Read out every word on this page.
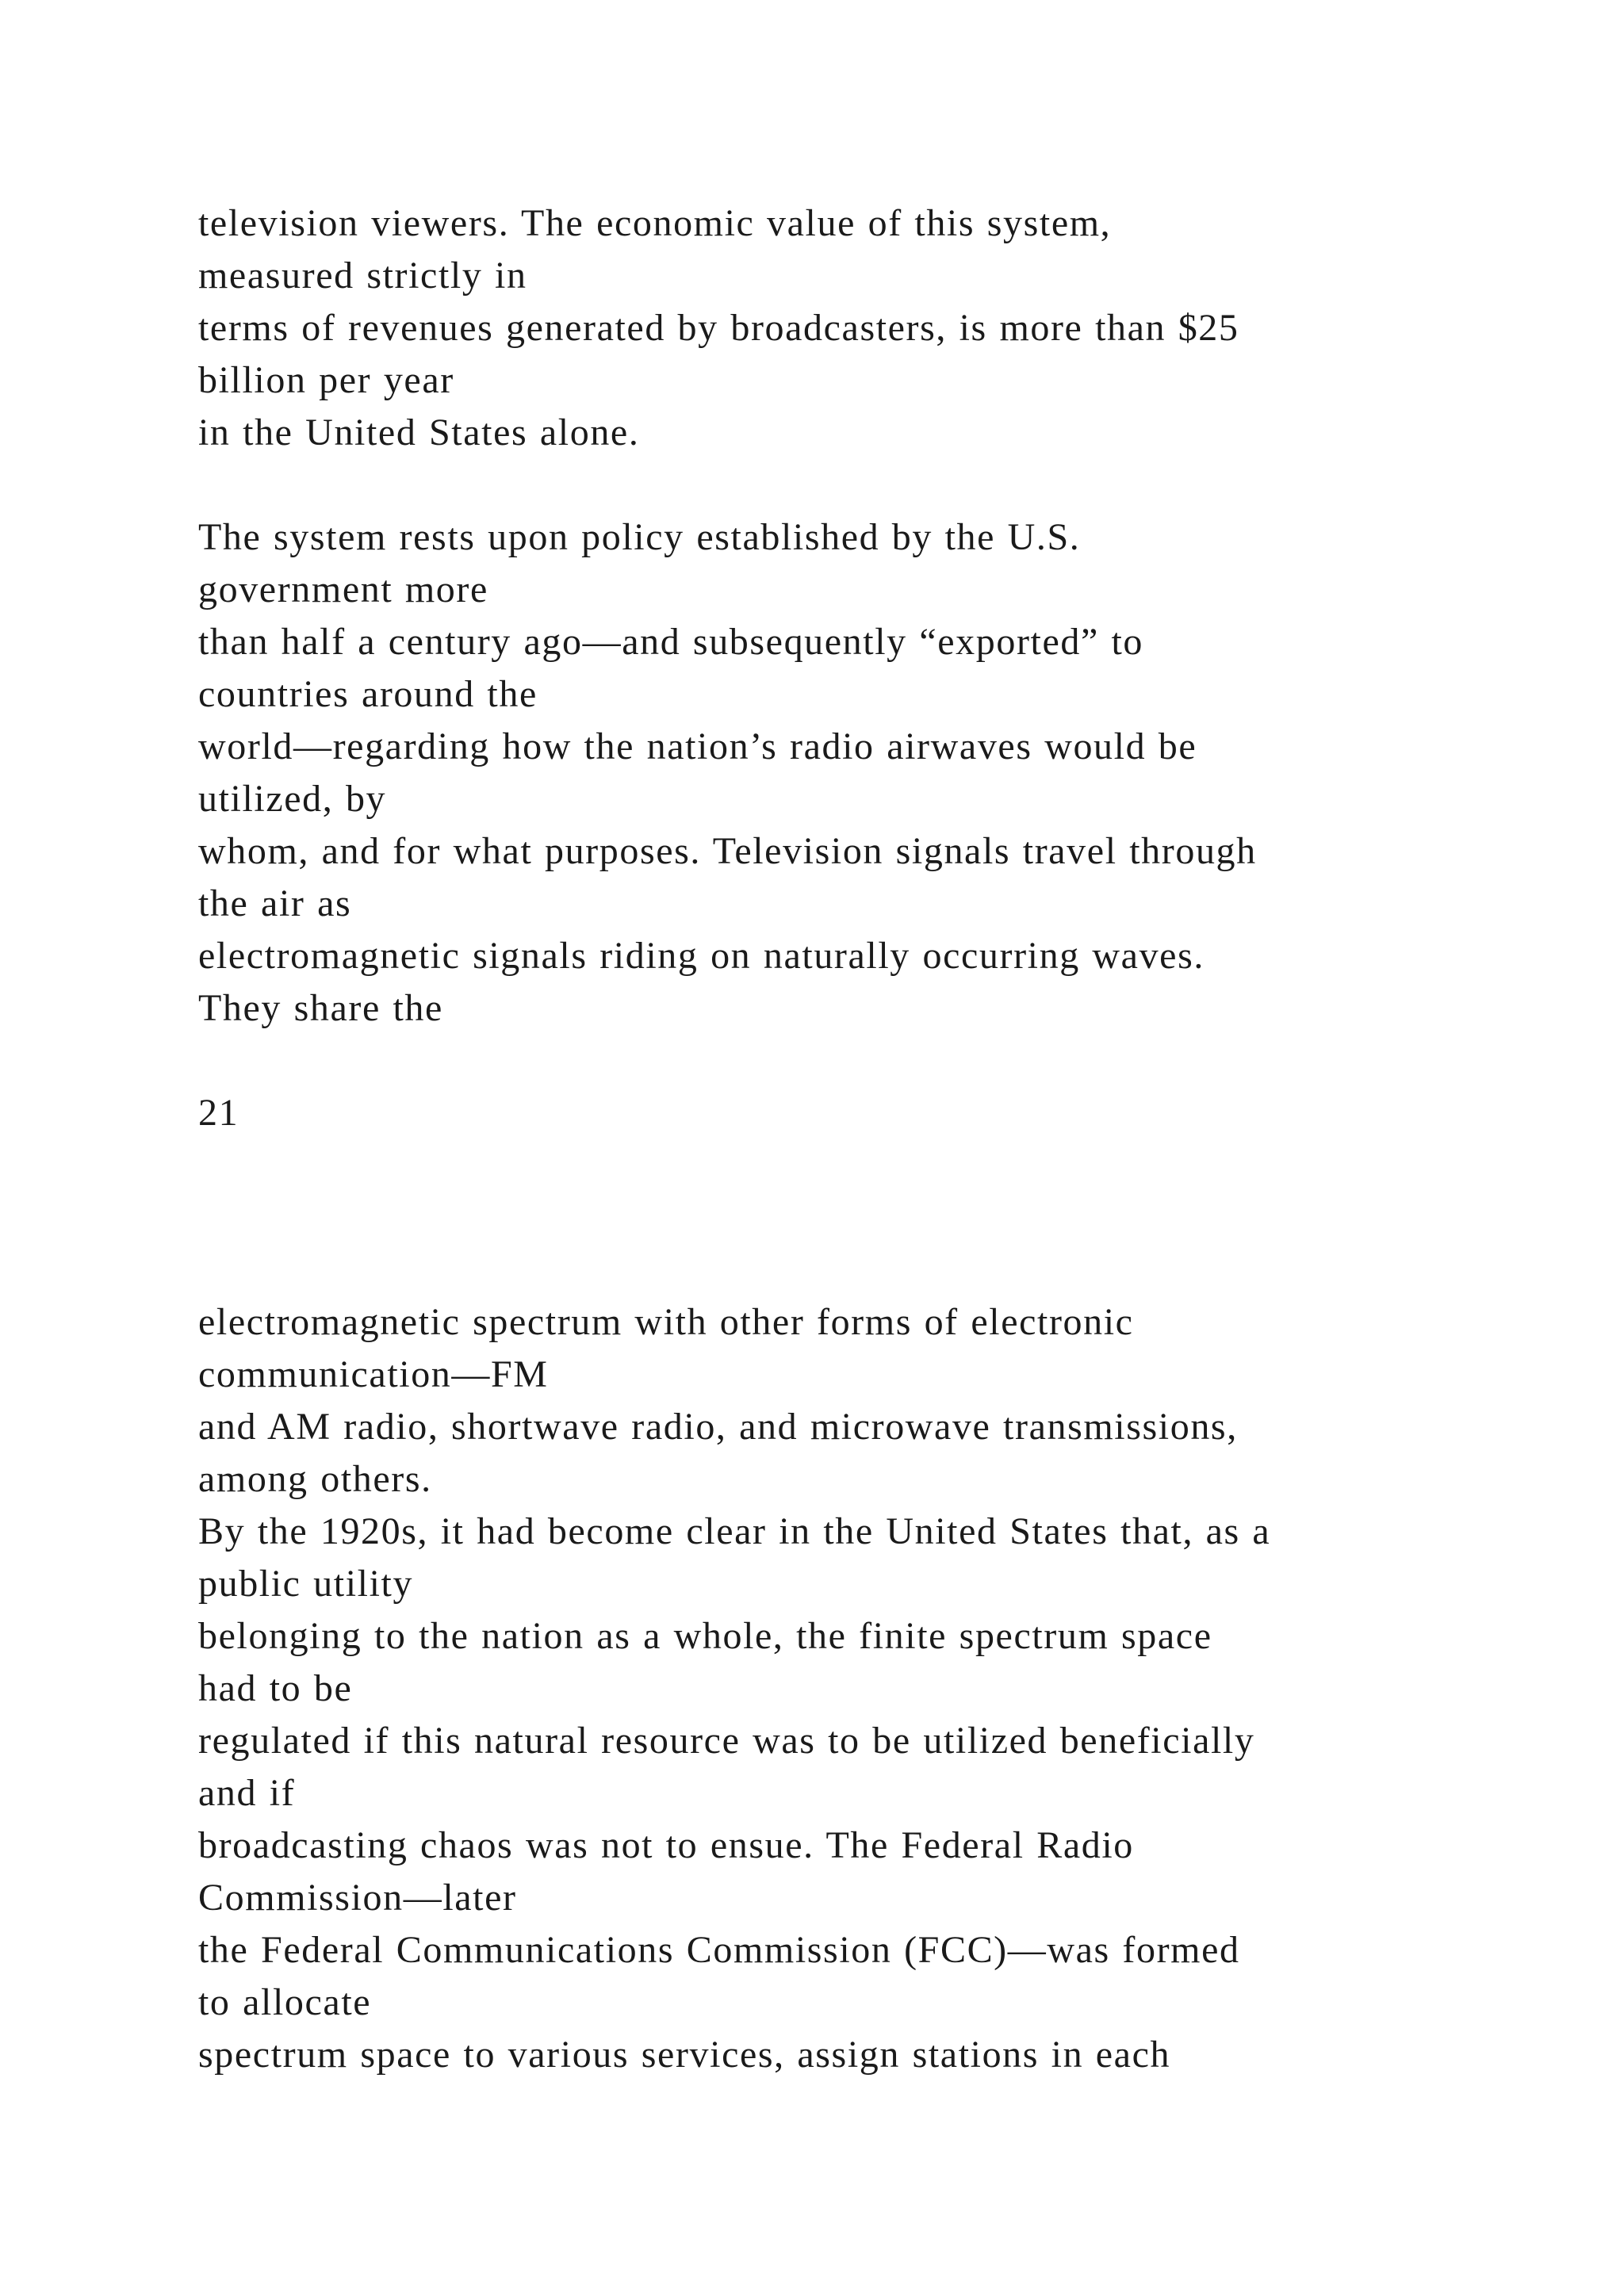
television viewers. The economic value of this system,

measured strictly in

terms of revenues generated by broadcasters, is more than $25

billion per year

in the United States alone.

The system rests upon policy established by the U.S.

government more

than half a century ago—and subsequently “exported” to

countries around the

world—regarding how the nation’s radio airwaves would be

utilized, by

whom, and for what purposes. Television signals travel through

the air as

electromagnetic signals riding on naturally occurring waves.

They share the

21

electromagnetic spectrum with other forms of electronic

communication—FM

and AM radio, shortwave radio, and microwave transmissions,

among others.

By the 1920s, it had become clear in the United States that, as a

public utility

belonging to the nation as a whole, the finite spectrum space

had to be

regulated if this natural resource was to be utilized beneficially

and if

broadcasting chaos was not to ensue. The Federal Radio

Commission—later

the Federal Communications Commission (FCC)—was formed

to allocate

spectrum space to various services, assign stations in each
